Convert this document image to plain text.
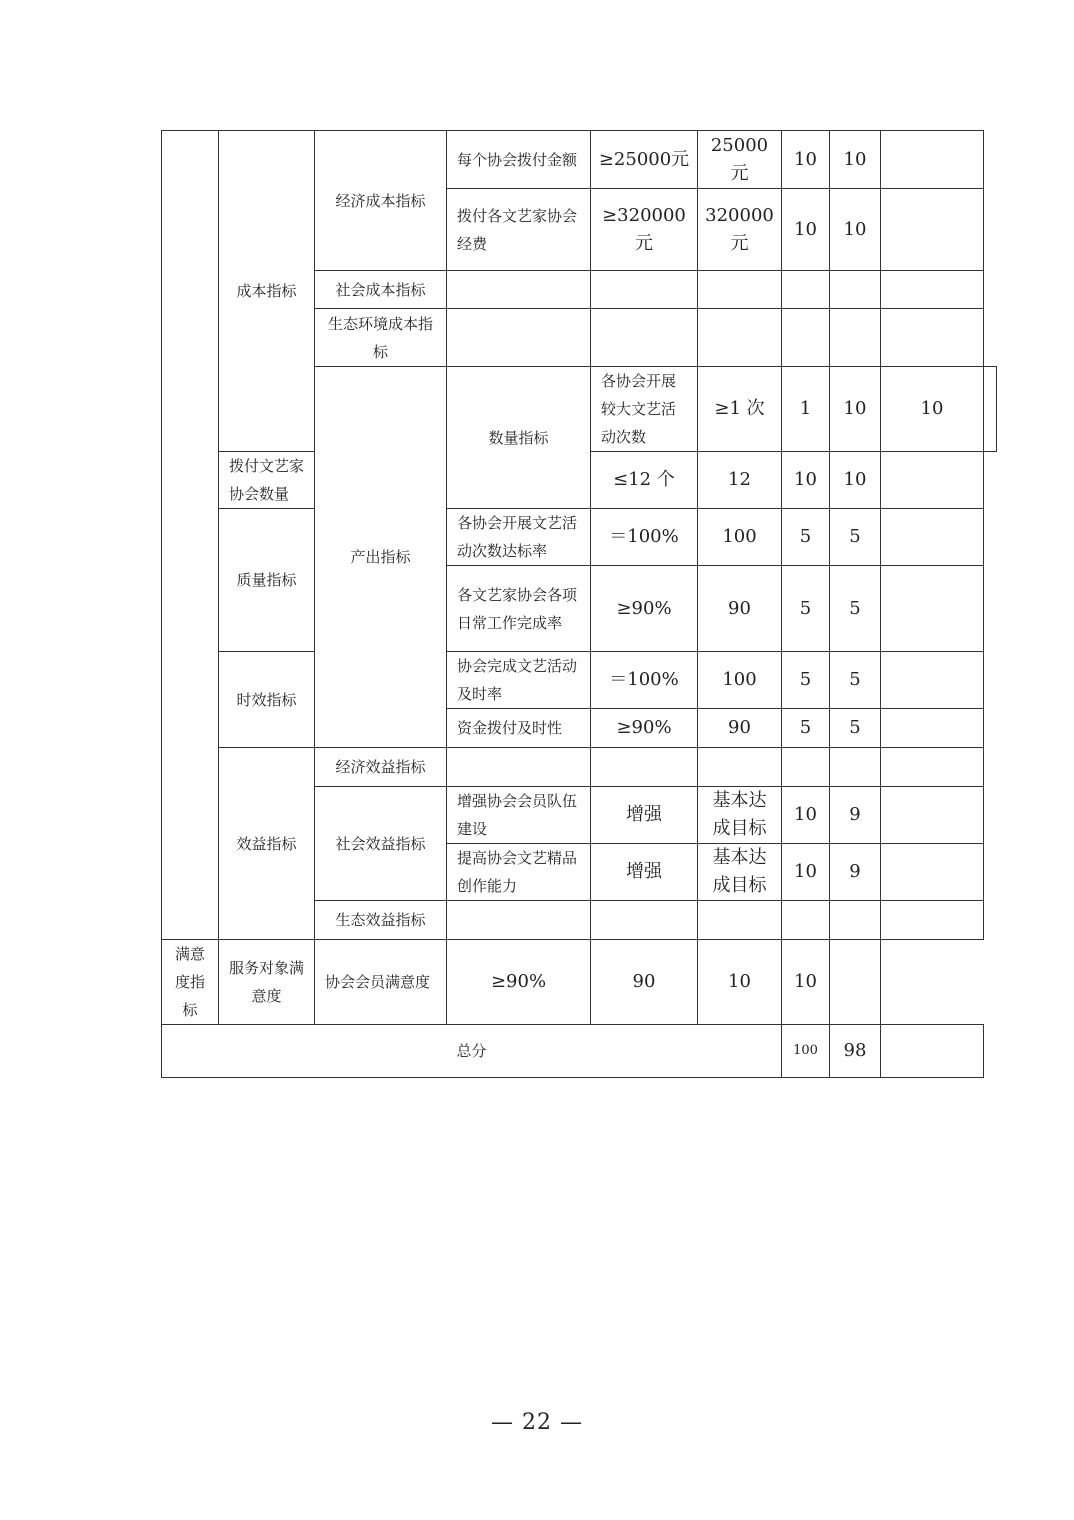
	成本指标	经济成本指标	每个协会拨付金额	≥25000元	25000元	10	10		
			拨付各文艺家协会经费	≥320000元	320000元	10	10		
		社会成本指标							
		生态环境成本指标							
		产出指标	数量指标	各协会开展较大文艺活动次数	≥1 次	1	10	10	
	拨付文艺家协会数量			≤12 个	12	10	10		
	质量指标		各协会开展文艺活动次数达标率	＝100%	100	5	5		
			各文艺家协会各项日常工作完成率	≥90%	90	5	5		
	时效指标		协会完成文艺活动及时率	＝100%	100	5	5		
			资金拨付及时性	≥90%	90	5	5		
	效益指标	经济效益指标							
		社会效益指标	增强协会会员队伍建设	增强	基本达成目标	10	9		
			提高协会文艺精品创作能力	增强	基本达成目标	10	9		
		生态效益指标							
满意度指标	服务对象满意度	协会会员满意度	≥90%	90	10	10			
总分						100	98		
— 22 —
